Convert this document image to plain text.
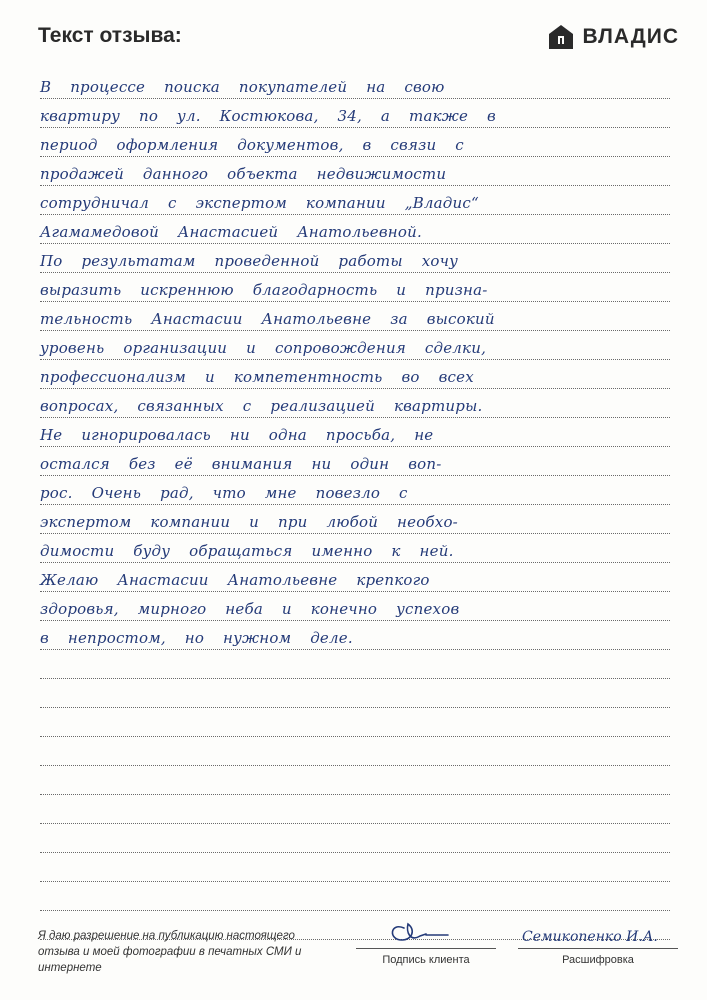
Текст отзыва:	ВЛАДИС
В процессе поиска покупателей на свою
квартиру по ул. Костюкова, 34, а также в
период оформления документов, в связи с
продажей данного объекта недвижимости
сотрудничал с экспертом компании „Владис“
Агамамедовой Анастасией Анатольевной.
По результатам проведенной работы хочу
выразить искреннюю благодарность и призна-
тельность Анастасии Анатольевне за высокий
уровень организации и сопровождения сделки,
профессионализм и компетентность во всех
вопросах, связанных с реализацией квартиры.
Не игнорировалась ни одна просьба, не
остался без её внимания ни один воп-
рос. Очень рад, что мне повезло с
экспертом компании и при любой необхо-
димости буду обращаться именно к ней.
Желаю Анастасии Анатольевне крепкого
здоровья, мирного неба и конечно успехов
в непростом, но нужном деле.
Я даю разрешение на публикацию настоящего отзыва и моей фотографии в печатных СМИ и интернете
Подпись клиента
Семикопенко И.А.
Расшифровка
